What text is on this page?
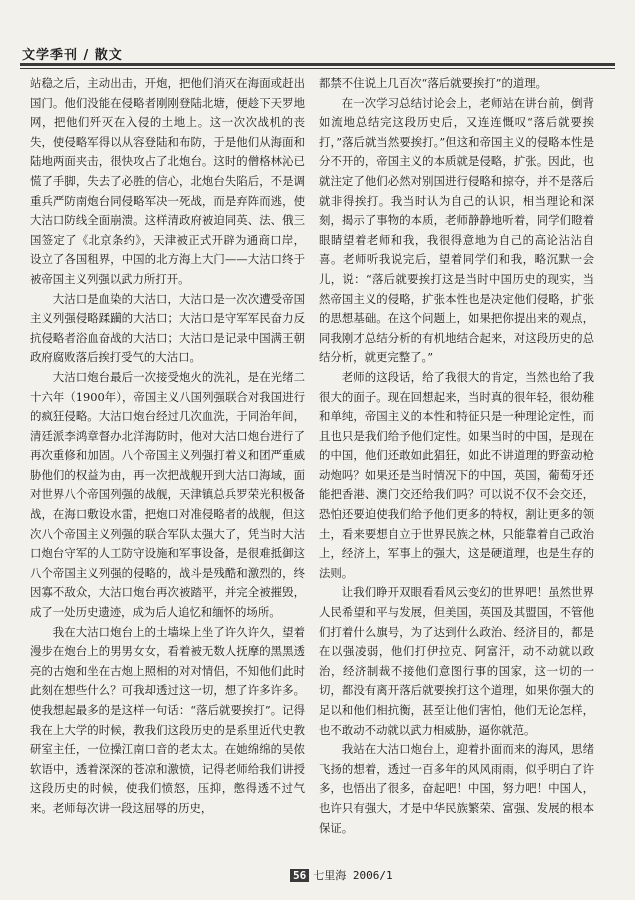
文学季刊 / 散文

站稳之后，主动出击，开炮，把他们消灭在海面或赶出国门。他们没能在侵略者刚刚登陆北塘，便趁下天罗地网，把他们歼灭在入侵的土地上。这一次次战机的丧失，使侵略军得以从容登陆和布防，于是他们从海面和陆地两面夹击，很快攻占了北炮台。这时的僧格林沁已慌了手脚，失去了必胜的信心，北炮台失陷后，不是调重兵严防南炮台同侵略军决一死战，而是弃阵而逃，使大沽口防线全面崩溃。这样清政府被迫同英、法、俄三国签定了《北京条约》，天津被正式开辟为通商口岸，设立了各国租界，中国的北方海上大门——大沽口终于被帝国主义列强以武力所打开。

大沽口是血染的大沽口，大沽口是一次次遭受帝国主义列强侵略蹂躏的大沽口；大沽口是守军军民奋力反抗侵略者浴血奋战的大沽口；大沽口是记录中国满王朝政府腐败落后挨打受气的大沽口。

大沽口炮台最后一次接受炮火的洗礼，是在光绪二十六年（1900年），帝国主义八国列强联合对我国进行的疯狂侵略。大沽口炮台经过几次血洗，于同治年间，清廷派李鸿章督办北洋海防时，他对大沽口炮台进行了再次重修和加固。八个帝国主义列强打着义和团严重威胁他们的权益为由，再一次把战舰开到大沽口海域，面对世界八个帝国列强的战舰，天津镇总兵罗荣光积极备战，在海口敷设水雷，把炮口对准侵略者的战舰，但这次八个帝国主义列强的联合军队太强大了，凭当时大沽口炮台守军的人工防守设施和军事设备，是很难抵御这八个帝国主义列强的侵略的，战斗是残酷和激烈的，终因寡不敌众，大沽口炮台再次被踏平，并完全被摧毁，成了一处历史遗迹，成为后人追忆和缅怀的场所。

我在大沽口炮台上的土墙垛上坐了许久许久，望着漫步在炮台上的男男女女，看着被无数人抚摩的黑黑透亮的古炮和坐在古炮上照相的对对情侣，不知他们此时此刻在想些什么？可我却透过这一切，想了许多许多。使我想起最多的是这样一句话：“落后就要挨打”。记得我在上大学的时候，教我们这段历史的是系里近代史教研室主任，一位操江南口音的老太太。在她绵绵的吴侬软语中，透着深深的苍凉和激愤，记得老师给我们讲授这段历史的时候，使我们愤怒，压抑，憋得透不过气来。老师每次讲一段这屈辱的历史，

都禁不住说上几百次“落后就要挨打”的道理。

在一次学习总结讨论会上，老师站在讲台前，倒背如流地总结完这段历史后，又连连慨叹“落后就要挨打，”落后就当然要挨打。”但这和帝国主义的侵略本性是分不开的，帝国主义的本质就是侵略，扩张。因此，也就注定了他们必然对别国进行侵略和掠夺，并不是落后就非得挨打。我当时认为自己的认识，相当理论和深刻，揭示了事物的本质，老师静静地听着，同学们瞪着眼睛望着老师和我，我很得意地为自己的高论沾沾自喜。老师听我说完后，望着同学们和我，略沉默一会儿，说：“落后就要挨打这是当时中国历史的现实，当然帝国主义的侵略，扩张本性也是决定他们侵略，扩张的思想基础。在这个问题上，如果把你提出来的观点，同我刚才总结分析的有机地结合起来，对这段历史的总结分析，就更完整了。”

老师的这段话，给了我很大的肯定，当然也给了我很大的面子。现在回想起来，当时真的很年轻，很幼稚和单纯，帝国主义的本性和特征只是一种理论定性，而且也只是我们给予他们定性。如果当时的中国，是现在的中国，他们还敢如此猖狂，如此不讲道理的野蛮动枪动炮吗？如果还是当时情况下的中国，英国，葡萄牙还能把香港、澳门交还给我们吗？可以说不仅不会交还，恐怕还要迫使我们给予他们更多的特权，割让更多的领土，看来要想自立于世界民族之林，只能靠着自己政治上，经济上，军事上的强大，这是硬道理，也是生存的法则。

让我们睁开双眼看看风云变幻的世界吧！虽然世界人民希望和平与发展，但美国，英国及其盟国，不管他们打着什么旗号，为了达到什么政治、经济目的，都是在以强凌弱，他们打伊拉克、阿富汗，动不动就以政治，经济制裁不接他们意图行事的国家，这一切的一切，都没有离开落后就要挨打这个道理，如果你强大的足以和他们相抗衡，甚至让他们害怕，他们无论怎样，也不敢动不动就以武力相威胁，逼你就范。

我站在大沽口炮台上，迎着扑面而来的海风，思绪飞扬的想着，透过一百多年的风风雨雨，似乎明白了许多，也悟出了很多，奋起吧！中国，努力吧！中国人，也许只有强大，才是中华民族繁荣、富强、发展的根本保证。

56 七里海 2006/1
